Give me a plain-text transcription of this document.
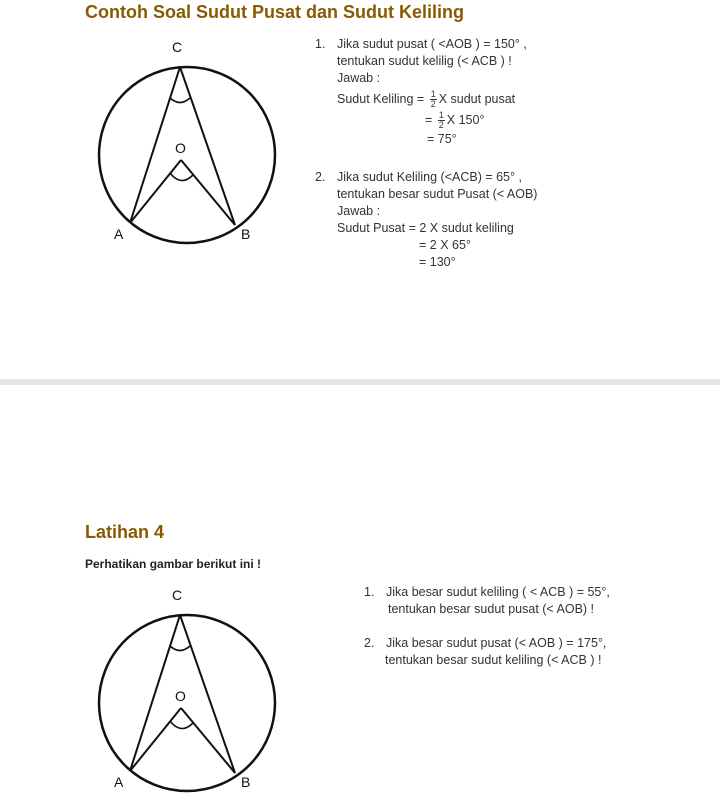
Contoh Soal Sudut Pusat dan Sudut Keliling
C
O
A	B
1. Jika sudut pusat ( <AOB ) = 150° ,
tentukan sudut kelilig (< ACB ) !
Jawab :
Sudut Keliling = $\frac{1}{2}$ X sudut pusat
= $\frac{1}{2}$ X 150°
= 75°
2. Jika sudut Keliling (<ACB) = 65° ,
tentukan besar sudut Pusat (< AOB)
Jawab :
Sudut Pusat = 2 X sudut keliling
= 2 X 65°
= 130°
Latihan 4
Perhatikan gambar berikut ini !
C
O
A	B
1. Jika besar sudut keliling ( < ACB ) = 55°,
tentukan besar sudut pusat (< AOB) !
2. Jika besar sudut pusat (< AOB ) = 175°,
tentukan besar sudut keliling (< ACB ) !
